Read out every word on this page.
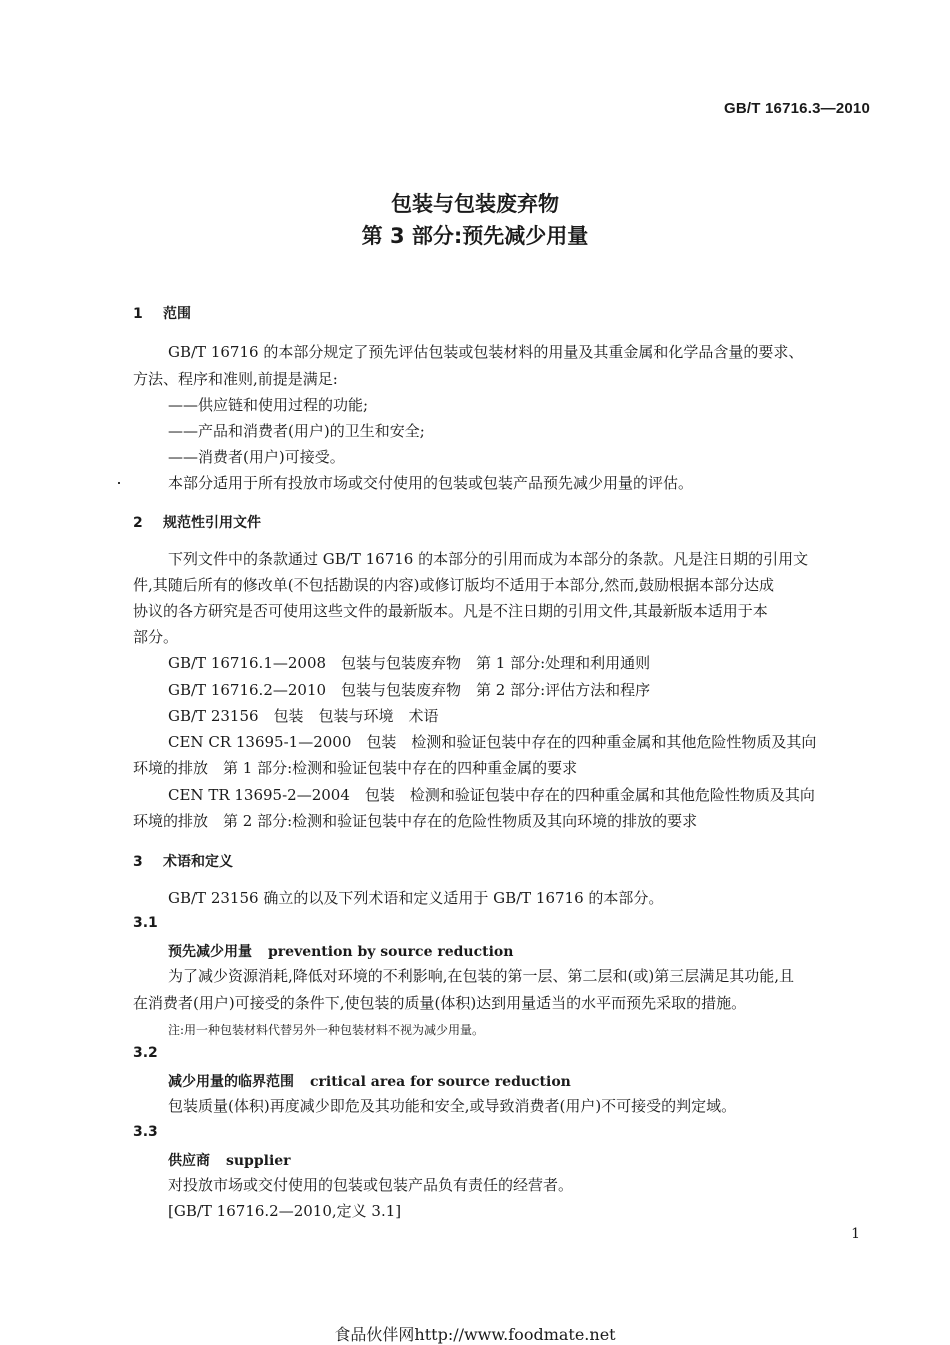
GB/T 16716.3—2010
包装与包装废弃物
第 3 部分:预先减少用量
1 范围
GB/T 16716 的本部分规定了预先评估包装或包装材料的用量及其重金属和化学品含量的要求、
方法、程序和准则,前提是满足:
——供应链和使用过程的功能;
——产品和消费者(用户)的卫生和安全;
——消费者(用户)可接受。
本部分适用于所有投放市场或交付使用的包装或包装产品预先减少用量的评估。
2 规范性引用文件
下列文件中的条款通过 GB/T 16716 的本部分的引用而成为本部分的条款。凡是注日期的引用文
件,其随后所有的修改单(不包括勘误的内容)或修订版均不适用于本部分,然而,鼓励根据本部分达成
协议的各方研究是否可使用这些文件的最新版本。凡是不注日期的引用文件,其最新版本适用于本
部分。
GB/T 16716.1—2008　包装与包装废弃物　第 1 部分:处理和利用通则
GB/T 16716.2—2010　包装与包装废弃物　第 2 部分:评估方法和程序
GB/T 23156　包装　包装与环境　术语
CEN CR 13695-1—2000　包装　检测和验证包装中存在的四种重金属和其他危险性物质及其向
环境的排放　第 1 部分:检测和验证包装中存在的四种重金属的要求
CEN TR 13695-2—2004　包装　检测和验证包装中存在的四种重金属和其他危险性物质及其向
环境的排放　第 2 部分:检测和验证包装中存在的危险性物质及其向环境的排放的要求
3 术语和定义
GB/T 23156 确立的以及下列术语和定义适用于 GB/T 16716 的本部分。
3.1
预先减少用量 prevention by source reduction
为了减少资源消耗,降低对环境的不利影响,在包装的第一层、第二层和(或)第三层满足其功能,且
在消费者(用户)可接受的条件下,使包装的质量(体积)达到用量适当的水平而预先采取的措施。
注:用一种包装材料代替另外一种包装材料不视为减少用量。
3.2
减少用量的临界范围 critical area for source reduction
包装质量(体积)再度减少即危及其功能和安全,或导致消费者(用户)不可接受的判定域。
3.3
供应商 supplier
对投放市场或交付使用的包装或包装产品负有责任的经营者。
[GB/T 16716.2—2010,定义 3.1]
1
食品伙伴网http://www.foodmate.net
